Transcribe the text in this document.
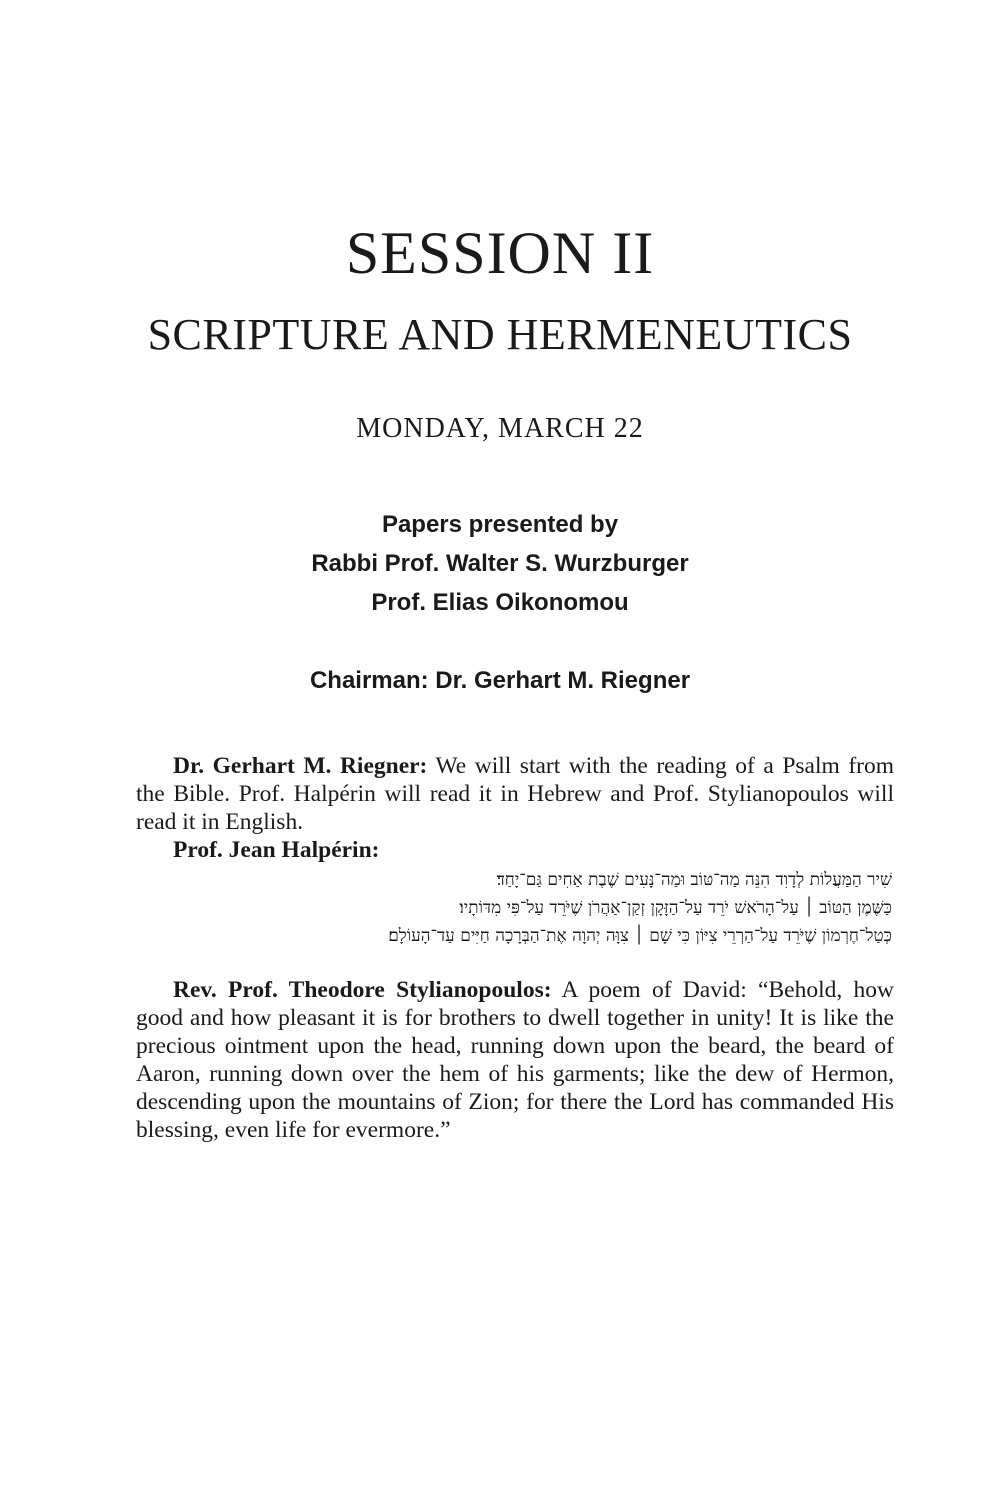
SESSION II
SCRIPTURE AND HERMENEUTICS
MONDAY, MARCH 22
Papers presented by
Rabbi Prof. Walter S. Wurzburger
Prof. Elias Oikonomou
Chairman: Dr. Gerhart M. Riegner
Dr. Gerhart M. Riegner: We will start with the reading of a Psalm from the Bible. Prof. Halpérin will read it in Hebrew and Prof. Stylianopoulos will read it in English.
Prof. Jean Halpérin:
שִׁיר הַמַּעֲלוֹת לְדָוִד הִנֵּה מַה־טּוֹב וּמַה־נָּעִים שֶׁבֶת אַחִים גַּם־יָחַד׃
כַּשֶּׁמֶן הַטּוֹב ׀ עַל־הָרֹאשׁ יֹרֵד עַל־הַזָּקָן זְקַן־אַהֲרֹן שֶׁיֹּרֵד עַל־פִּי מִדּוֹתָיו׃
כְּטַל־חֶרְמוֹן שֶׁיֹּרֵד עַל־הַרְרֵי צִיּוֹן כִּי שָׁם ׀ צִוָּה יְהוָה אֶת־הַבְּרָכָה חַיִּים עַד־הָעוֹלָם׃
Rev. Prof. Theodore Stylianopoulos: A poem of David: “Behold, how good and how pleasant it is for brothers to dwell together in unity! It is like the precious ointment upon the head, running down upon the beard, the beard of Aaron, running down over the hem of his garments; like the dew of Hermon, descending upon the mountains of Zion; for there the Lord has commanded His blessing, even life for evermore.”
